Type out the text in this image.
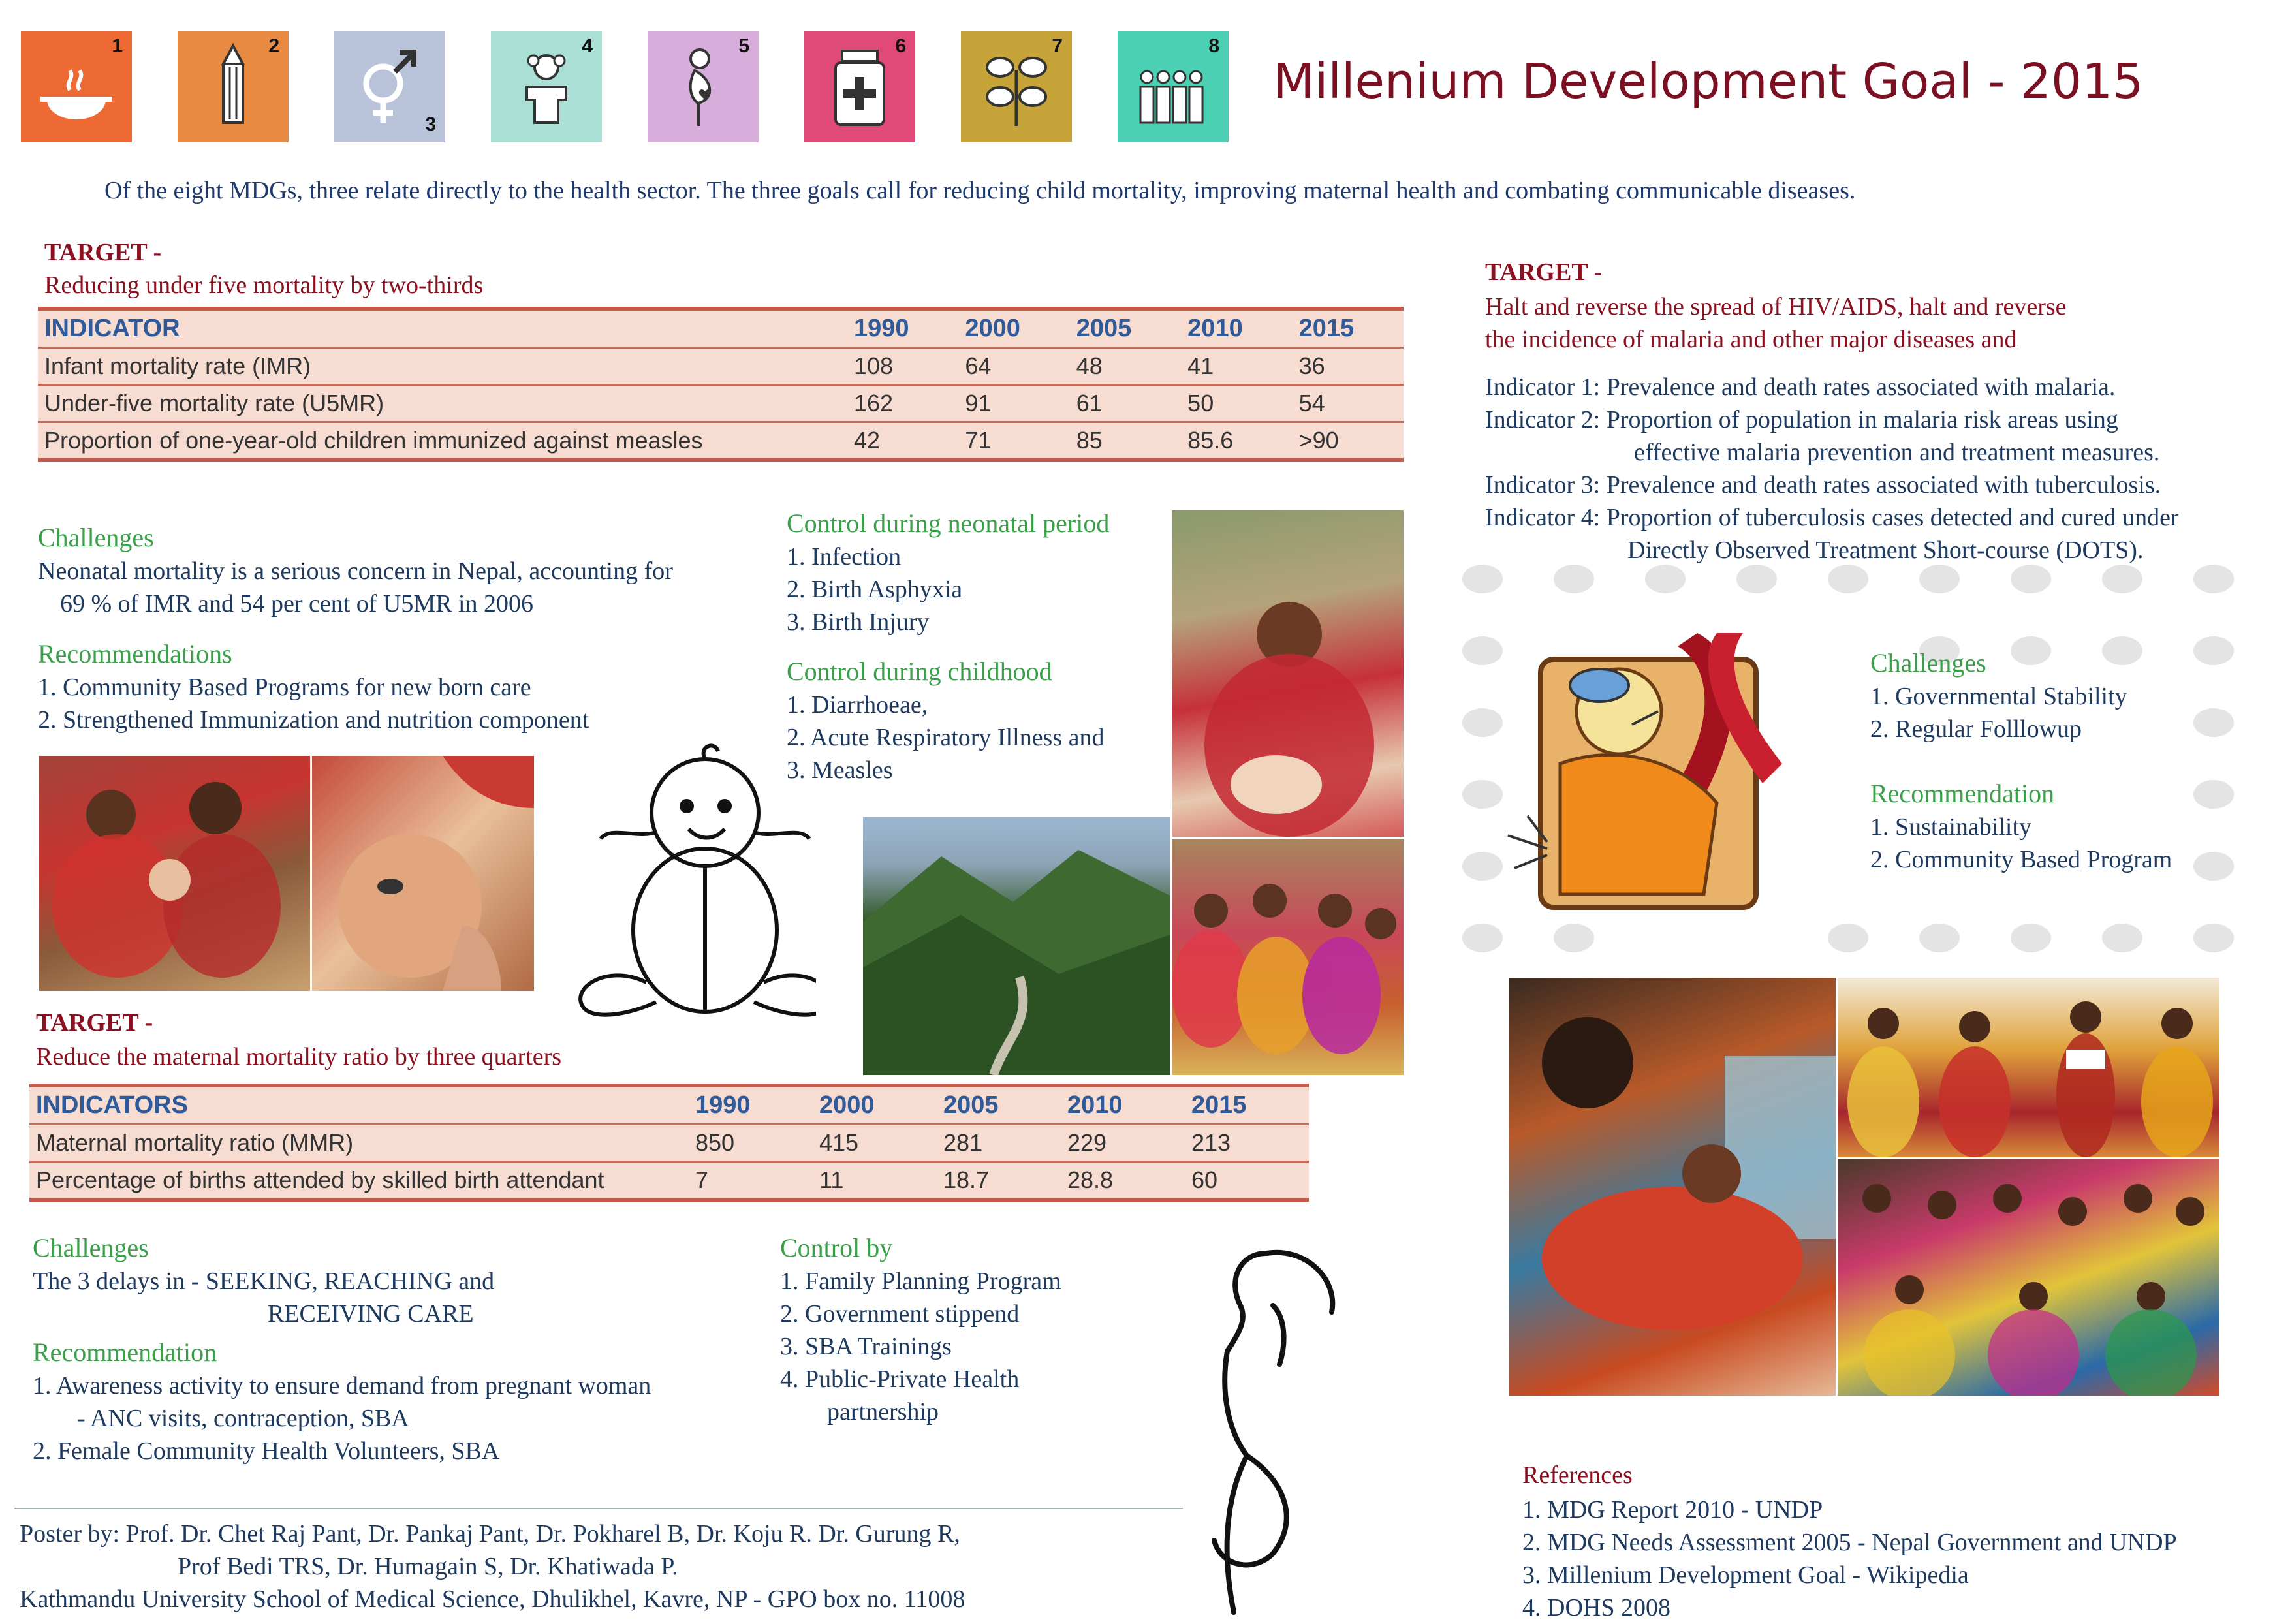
1	2
3
4	5	6	7	8
Millenium Development Goal - 2015
Of the eight MDGs, three relate directly to the health sector. The three goals call for reducing child mortality, improving maternal health and combating communicable diseases.
TARGET -
Reducing under five mortality by two-thirds
INDICATOR	1990	2000	2005	2010	2015
Infant mortality rate (IMR)	108	64	48	41	36
Under-five mortality rate (U5MR)	162	91	61	50	54
Proportion of one-year-old children immunized against measles	42	71	85	85.6	>90
Challenges
Neonatal mortality is a serious concern in Nepal, accounting for
69 % of IMR and 54 per cent of U5MR in 2006
Recommendations
1. Community Based Programs for new born care
2. Strengthened Immunization and nutrition component
Control during neonatal period
1. Infection
2. Birth Asphyxia
3. Birth Injury
Control during childhood
1. Diarrhoeae,
2. Acute Respiratory Illness and
3. Measles
TARGET -
Reduce the maternal mortality ratio by three quarters
INDICATORS	1990	2000	2005	2010	2015
Maternal mortality ratio (MMR)	850	415	281	229	213
Percentage of births attended by skilled birth attendant	7	11	18.7	28.8	60
Challenges
The 3 delays in - SEEKING, REACHING and
RECEIVING CARE
Recommendation
1. Awareness activity to ensure demand from pregnant woman
- ANC visits, contraception, SBA
2. Female Community Health Volunteers, SBA
Control by
1. Family Planning Program
2. Government stippend
3. SBA Trainings
4. Public-Private Health
partnership
Poster by: Prof. Dr. Chet Raj Pant, Dr. Pankaj Pant, Dr. Pokharel B, Dr. Koju R. Dr. Gurung R,
Prof Bedi TRS, Dr. Humagain S, Dr. Khatiwada P.
Kathmandu University School of Medical Science, Dhulikhel, Kavre, NP - GPO box no. 11008
TARGET -
Halt and reverse the spread of HIV/AIDS, halt and reverse
the incidence of malaria and other major diseases and
Indicator 1: Prevalence and death rates associated with malaria.
Indicator 2: Proportion of population in malaria risk areas using
effective malaria prevention and treatment measures.
Indicator 3: Prevalence and death rates associated with tuberculosis.
Indicator 4: Proportion of tuberculosis cases detected and cured under
Directly Observed Treatment Short-course (DOTS).
Challenges
1. Governmental Stability
2. Regular Folllowup
Recommendation
1. Sustainability
2. Community Based Program
References
1. MDG Report 2010 - UNDP
2. MDG Needs Assessment 2005 - Nepal Government and UNDP
3. Millenium Development Goal - Wikipedia
4. DOHS 2008
